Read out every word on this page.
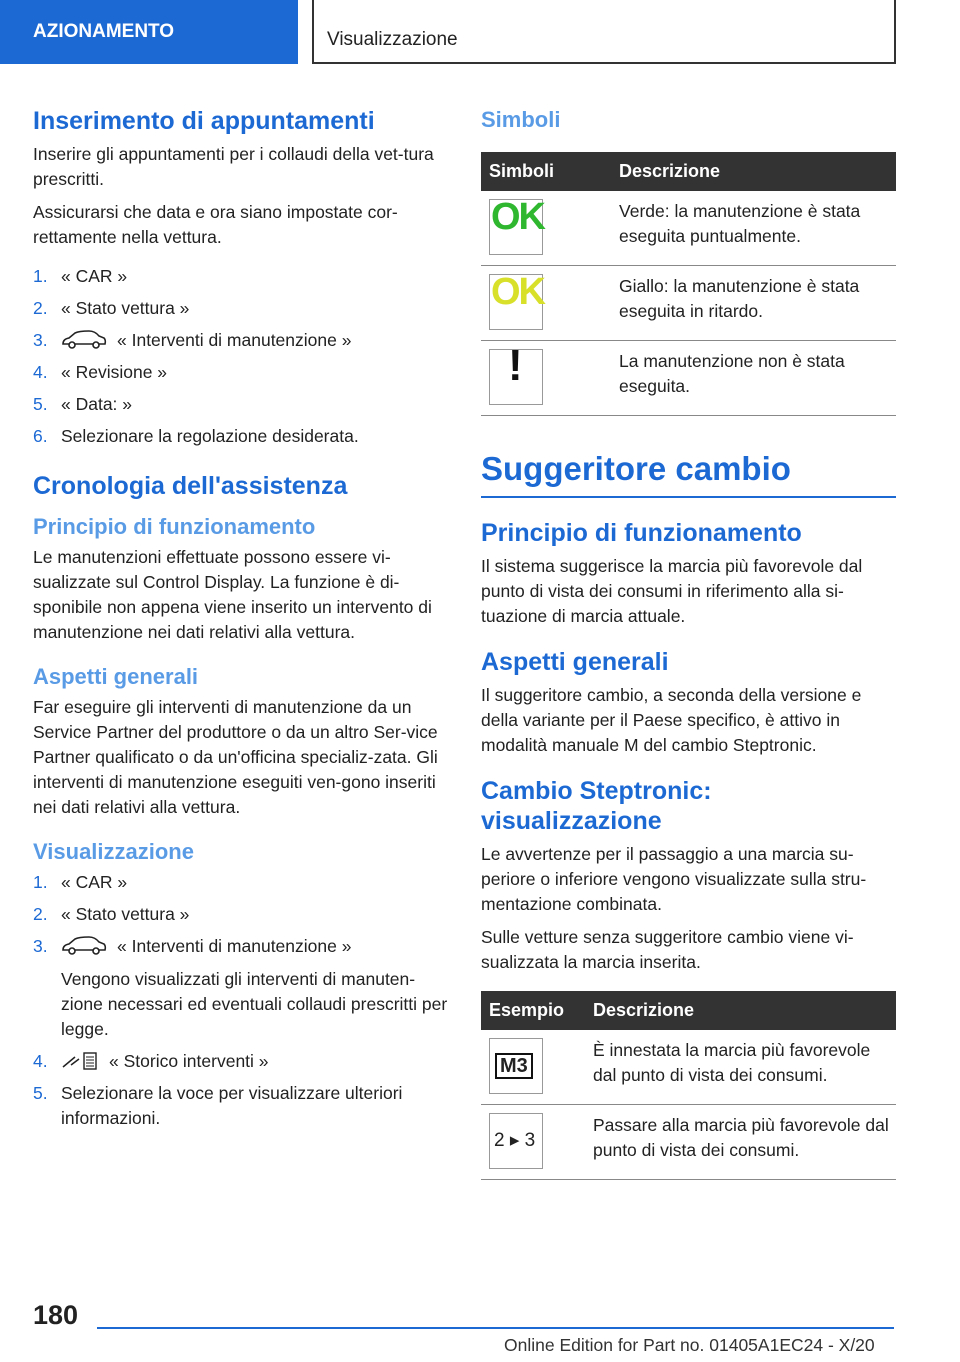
AZIONAMENTO	Visualizzazione
Inserimento di appuntamenti

Inserire gli appuntamenti per i collaudi della vet-tura prescritti.

Assicurarsi che data e ora siano impostate cor-rettamente nella vettura.

1. « CAR »
2. « Stato vettura »
3.	« Interventi di manutenzione »
4. « Revisione »
5. « Data: »
6. Selezionare la regolazione desiderata.
Cronologia dell'assistenza
Principio di funzionamento

Le manutenzioni effettuate possono essere vi-sualizzate sul Control Display. La funzione è di-sponibile non appena viene inserito un intervento di manutenzione nei dati relativi alla vettura.

Aspetti generali

Far eseguire gli interventi di manutenzione da un Service Partner del produttore o da un altro Ser-vice Partner qualificato o da un'officina specializ-zata. Gli interventi di manutenzione eseguiti ven-gono inseriti nei dati relativi alla vettura.

Visualizzazione
1. « CAR »
2. « Stato vettura »
3.	« Interventi di manutenzione »
Vengono visualizzati gli interventi di manuten-zione necessari ed eventuali collaudi prescritti per legge.
4.	« Storico interventi »
5. Selezionare la voce per visualizzare ulteriori informazioni.
Simboli
Simboli	Descrizione

OK	Verde: la manutenzione è stata eseguita puntualmente.

OK	Giallo: la manutenzione è stata eseguita in ritardo.

!	La manutenzione non è stata eseguita.
Suggeritore cambio
Principio di funzionamento

Il sistema suggerisce la marcia più favorevole dal punto di vista dei consumi in riferimento alla si-tuazione di marcia attuale.

Aspetti generali

Il suggeritore cambio, a seconda della versione e della variante per il Paese specifico, è attivo in modalità manuale M del cambio Steptronic.

Cambio Steptronic: visualizzazione

Le avvertenze per il passaggio a una marcia su-periore o inferiore vengono visualizzate sulla stru-mentazione combinata.

Sulle vetture senza suggeritore cambio viene vi-sualizzata la marcia inserita.

Esempio	Descrizione

M3	È innestata la marcia più favorevole dal punto di vista dei consumi.

2 ▸ 3	Passare alla marcia più favorevole dal punto di vista dei consumi.
180
Online Edition for Part no. 01405A1EC24 - X/20
